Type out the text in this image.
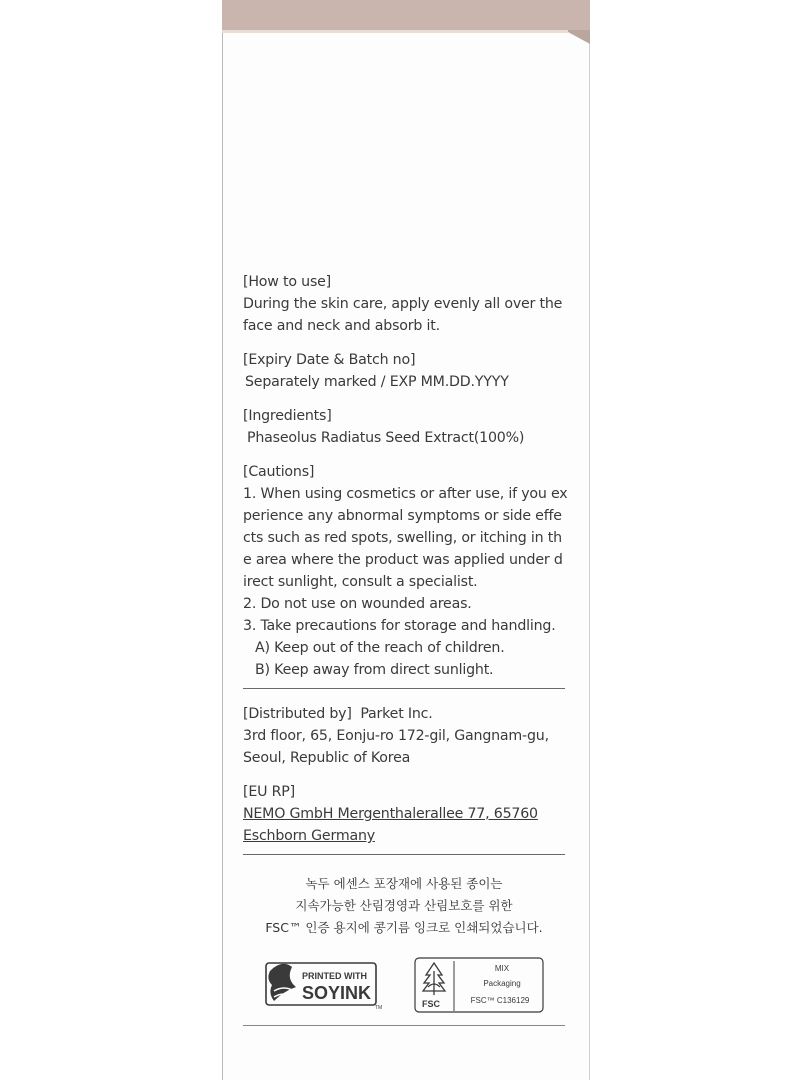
[How to use]
During the skin care, apply evenly all over the
face and neck and absorb it.
[Expiry Date & Batch no]
Separately marked / EXP MM.DD.YYYY
[Ingredients]
Phaseolus Radiatus Seed Extract(100%)
[Cautions]
1. When using cosmetics or after use, if you ex
perience any abnormal symptoms or side effe
cts such as red spots, swelling, or itching in th
e area where the product was applied under d
irect sunlight, consult a specialist.
2. Do not use on wounded areas.
3. Take precautions for storage and handling.
A) Keep out of the reach of children.
B) Keep away from direct sunlight.
[Distributed by] Parket Inc.
3rd floor, 65, Eonju-ro 172-gil, Gangnam-gu,
Seoul, Republic of Korea
[EU RP]
NEMO GmbH Mergenthalerallee 77, 65760
Eschborn Germany
녹두 에센스 포장재에 사용된 종이는
지속가능한 산림경영과 산림보호를 위한
FSC™ 인증 용지에 콩기름 잉크로 인쇄되었습니다.
PRINTED WITH
SOYINK
TM	FSC
MIX
Packaging
FSC™ C136129
